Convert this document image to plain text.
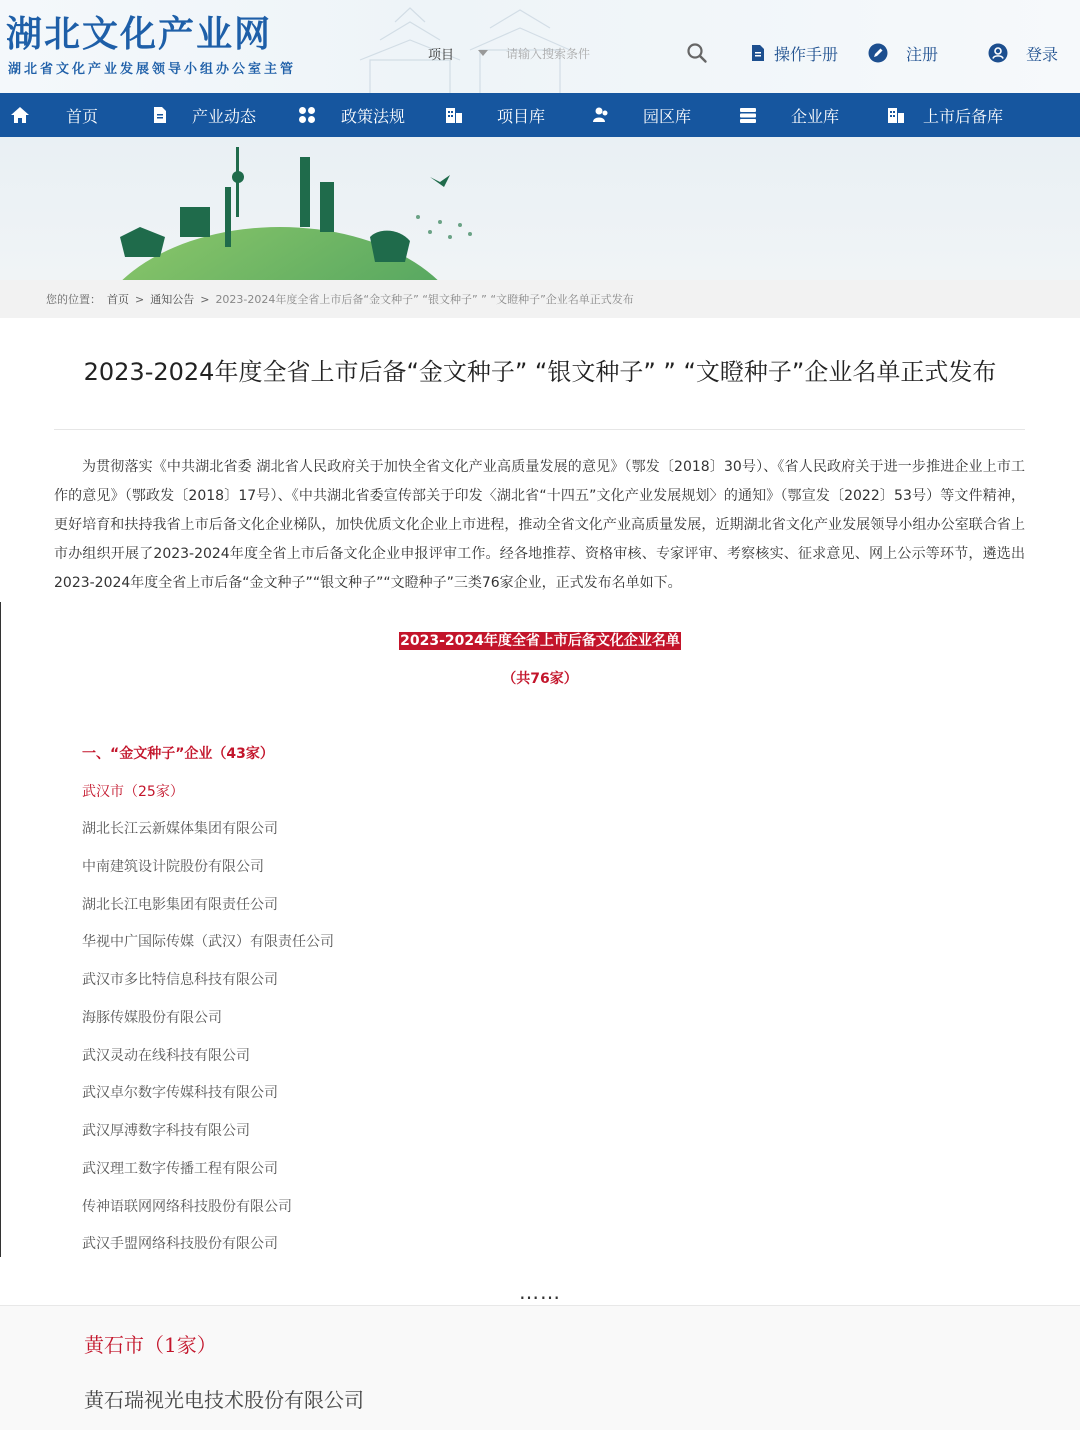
湖北文化产业网
湖北省文化产业发展领导小组办公室主管
项目
请输入搜索条件	操作手册	注册	登录
首页	产业动态	政策法规	项目库	园区库	企业库	上市后备库
您的位置： 首页 > 通知公告 > 2023-2024年度全省上市后备“金文种子” “银文种子” ” “文瞪种子”企业名单正式发布
2023-2024年度全省上市后备“金文种子” “银文种子” ” “文瞪种子”企业名单正式发布
为贯彻落实《中共湖北省委 湖北省人民政府关于加快全省文化产业高质量发展的意见》（鄂发〔2018〕30号）、《省人民政府关于进一步推进企业上市工作的意见》（鄂政发〔2018〕17号）、《中共湖北省委宣传部关于印发〈湖北省“十四五”文化产业发展规划〉的通知》（鄂宣发〔2022〕53号）等文件精神，更好培育和扶持我省上市后备文化企业梯队，加快优质文化企业上市进程，推动全省文化产业高质量发展，近期湖北省文化产业发展领导小组办公室联合省上市办组织开展了2023-2024年度全省上市后备文化企业申报评审工作。经各地推荐、资格审核、专家评审、考察核实、征求意见、网上公示等环节，遴选出2023-2024年度全省上市后备“金文种子”“银文种子”“文瞪种子”三类76家企业，正式发布名单如下。
2023-2024年度全省上市后备文化企业名单
（共76家）
一、“金文种子”企业（43家）
武汉市（25家）
湖北长江云新媒体集团有限公司
中南建筑设计院股份有限公司
湖北长江电影集团有限责任公司
华视中广国际传媒（武汉）有限责任公司
武汉市多比特信息科技有限公司
海豚传媒股份有限公司
武汉灵动在线科技有限公司
武汉卓尔数字传媒科技有限公司
武汉厚溥数字科技有限公司
武汉理工数字传播工程有限公司
传神语联网网络科技股份有限公司
武汉手盟网络科技股份有限公司
……
黄石市（1家）
黄石瑞视光电技术股份有限公司
